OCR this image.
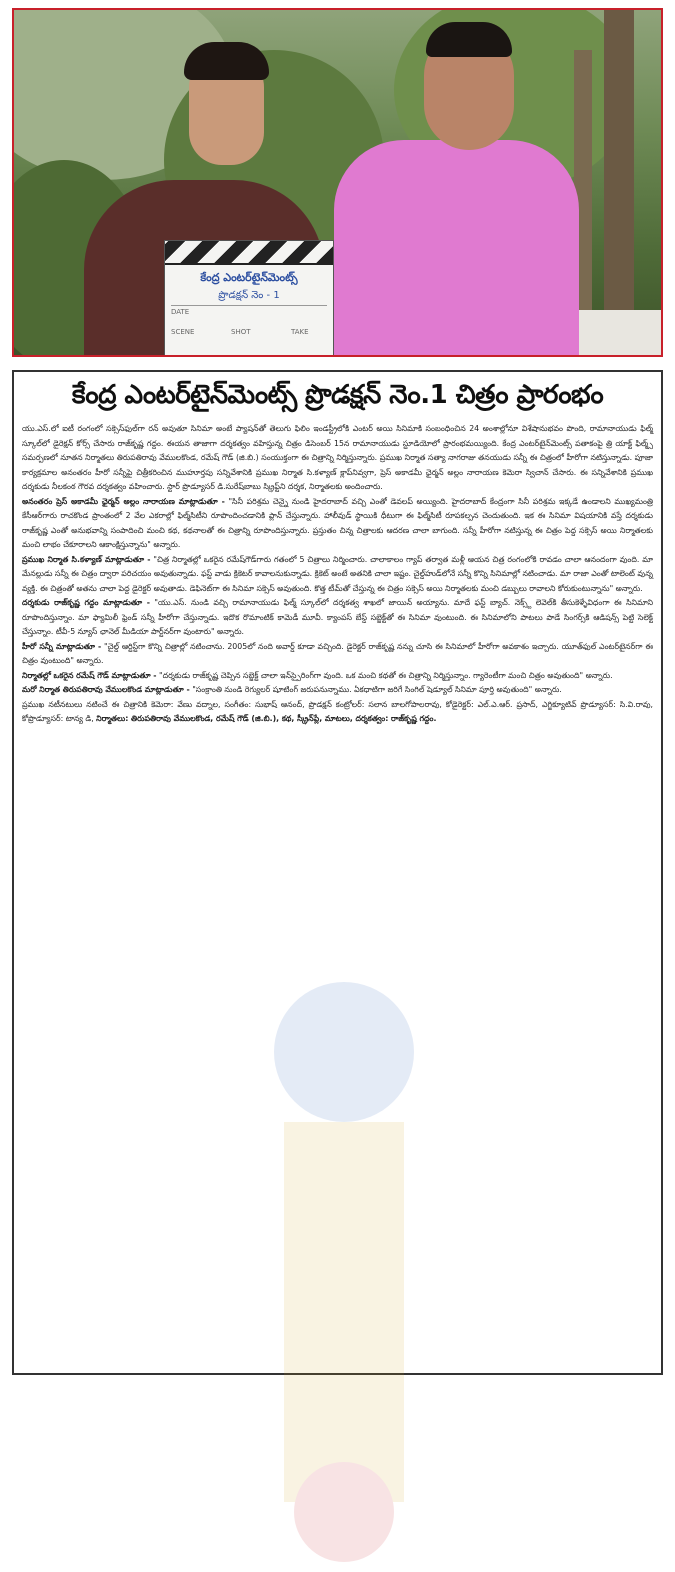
కేంద్ర ఎంటర్‌టైన్‌మెంట్స్
ప్రొడక్షన్ నెం - 1
DATE
SCENE	SHOT	TAKE
కేంద్ర ఎంటర్‌టైన్‌మెంట్స్ ప్రొడక్షన్ నెం.1 చిత్రం ప్రారంభం

యు.ఎస్.లో ఐటీ రంగంలో సక్సెస్‌ఫుల్‌గా రన్ అవుతూ సినిమా అంటే ప్యాషన్‌తో తెలుగు ఫిలిం ఇండస్ట్రీలోకి ఎంటర్ అయి సినిమాకి సంబంధించిన 24 అంశాల్లోనూ విశేషానుభవం పొంది, రామానాయుడు ఫిల్మ్ స్కూల్‌లో డైరెక్షన్ కోర్స్ చేసారు రాజ్‌కృష్ణ గద్దం. ఈయన తాజాగా దర్శకత్వం వహిస్తున్న చిత్రం డిసెంబర్ 15న రామానాయుడు స్టూడియోలో ప్రారంభమయ్యింది. కేంద్ర ఎంటర్‌టైన్‌మెంట్స్ పతాకంపై త్రి యాక్ట్ ఫిల్మ్స్ సమర్పణలో నూతన నిర్మాతలు తిరుపతిరావు వేములకొండ, రమేష్ గౌడ్ (జి.బి.) సంయుక్తంగా ఈ చిత్రాన్ని నిర్మిస్తున్నారు. ప్రముఖ నిర్మాత సత్యా నాగరాజు తనయుడు సన్నీ ఈ చిత్రంలో హీరోగా నటిస్తున్నాడు. పూజా కార్యక్రమాల అనంతరం హీరో సన్నీపై చిత్రీకరించిన ముహూర్తపు సన్నివేశానికి ప్రముఖ నిర్మాత సి.కళ్యాణ్ క్లాప్‌నివ్వగా, ప్రెస్ అకాడమీ ఛైర్మన్ అల్లం నారాయణ కెమెరా స్విచాన్ చేసారు. ఈ సన్నివేశానికి ప్రముఖ దర్శకుడు నీలకంఠ గౌరవ దర్శకత్వం వహించారు. స్టార్ ప్రొడ్యూసర్ డి.సురేష్‌బాబు స్క్రిప్ట్‌ని దర్శక, నిర్మాతలకు అందించారు.

అనంతరం ప్రెస్ అకాడమీ ఛైర్మన్ అల్లం నారాయణ మాట్లాడుతూ - "సినీ పరిశ్రమ చెన్నై నుండి హైదరాబాద్ వచ్చి ఎంతో డెవలప్ అయ్యింది. హైదరాబాద్ కేంద్రంగా సినీ పరిశ్రమ ఇక్కడే ఉండాలని ముఖ్యమంత్రి కేసీఆర్‌గారు రాచకొండ ప్రాంతంలో 2 వేల ఎకరాల్లో ఫిల్మ్‌సిటీని రూపొందించడానికి ప్లాన్ చేస్తున్నారు. హాలీవుడ్ స్థాయికి ధీటుగా ఈ ఫిల్మ్‌సిటీ రూపకల్పన చెందుతుంది. ఇక ఈ సినిమా విషయానికి వస్తే దర్శకుడు రాజ్‌కృష్ణ ఎంతో అనుభవాన్ని సంపాదించి మంచి కథ, కథనాలతో ఈ చిత్రాన్ని రూపొందిస్తున్నారు. ప్రస్తుతం చిన్న చిత్రాలకు ఆదరణ చాలా బాగుంది. సన్నీ హీరోగా నటిస్తున్న ఈ చిత్రం పెద్ద సక్సెస్ అయి నిర్మాతలకు మంచి లాభం చేకూరాలని ఆకాంక్షిస్తున్నాను" అన్నారు.

ప్రముఖ నిర్మాత సి.కళ్యాణ్ మాట్లాడుతూ - "చిత్ర నిర్మాతల్లో ఒకరైన రమేష్‌గౌడ్‌గారు గతంలో 5 చిత్రాలు నిర్మించారు. చాలాకాలం గ్యాప్ తర్వాత మళ్లీ ఆయన చిత్ర రంగంలోకి రావడం చాలా ఆనందంగా వుంది. మా మేనల్లుడు సన్నీ ఈ చిత్రం ద్వారా పరిచయం అవుతున్నాడు. ఫస్ట్ వాడు క్రికెటర్ కావాలనుకున్నాడు. క్రికెట్ అంటే అతనికి చాలా ఇష్టం. చైల్డ్‌హుడ్‌లోనే సన్నీ కొన్ని సినిమాల్లో నటించాడు. మా రాజా ఎంతో టాలెంట్ వున్న వ్యక్తి. ఈ చిత్రంతో అతను చాలా పెద్ద డైరెక్టర్ అవుతాడు. డెఫినెట్‌గా ఈ సినిమా సక్సెస్ అవుతుంది. కొత్త టీమ్‌తో చేస్తున్న ఈ చిత్రం సక్సెస్ అయి నిర్మాతలకు మంచి డబ్బులు రావాలని కోరుకుంటున్నాను" అన్నారు.

దర్శకుడు రాజ్‌కృష్ణ గద్దం మాట్లాడుతూ - "యు.ఎస్. నుండి వచ్చి రామానాయుడు ఫిల్మ్ స్కూల్‌లో దర్శకత్వ శాఖలో జాయిన్ అయ్యాను. మాదే ఫస్ట్ బ్యాచ్. నెక్స్ట్ లెవెల్‌కి తీసుకెళ్ళేవిధంగా ఈ సినిమాని రూపొందిస్తున్నాం. మా ఫ్యామిలీ ఫ్రెండ్ సన్నీ హీరోగా చేస్తున్నాడు. ఇదొక రొమాంటిక్ కామెడీ మూవీ. క్యాంపస్ బేస్డ్ సబ్జెక్ట్‌తో ఈ సినిమా వుంటుంది. ఈ సినిమాలోని పాటలు పాడే సింగర్స్‌కి ఆడిషన్స్ పెట్టి సెలెక్ట్ చేస్తున్నాం. టీవీ-5 న్యూస్ ఛానెల్ మీడియా పార్ట్‌నర్‌గా వుంటారు" అన్నారు.

హీరో సన్నీ మాట్లాడుతూ - "చైల్డ్ ఆర్టిస్ట్‌గా కొన్ని చిత్రాల్లో నటించాను. 2005లో నంది అవార్డ్ కూడా వచ్చింది. డైరెక్టర్ రాజ్‌కృష్ణ నన్ను చూసి ఈ సినిమాలో హీరోగా అవకాశం ఇచ్చారు. యూత్‌ఫుల్ ఎంటర్‌టైనర్‌గా ఈ చిత్రం వుంటుంది" అన్నారు.

నిర్మాతల్లో ఒకరైన రమేష్ గౌడ్ మాట్లాడుతూ - "దర్శకుడు రాజ్‌కృష్ణ చెప్పిన సబ్జెక్ట్ చాలా ఇన్‌స్పైరింగ్‌గా వుంది. ఒక మంచి కథతో ఈ చిత్రాన్ని నిర్మిస్తున్నాం. గ్యారెంటీగా మంచి చిత్రం అవుతుంది" అన్నారు.

మరో నిర్మాత తిరుపతిరావు వేములకొండ మాట్లాడుతూ - "సంక్రాంతి నుండి రెగ్యులర్ షూటింగ్ జరుపనున్నాము. ఏకధాటిగా జరిగే సింగిల్ షెడ్యూల్ సినిమా పూర్తి అవుతుంది" అన్నారు.

ప్రముఖ నటీనటులు నటించే ఈ చిత్రానికి కెమెరా: వేణు వద్నాల, సంగీతం: సుభాష్ ఆనంద్, ప్రొడక్షన్ కంట్రోలర్: సలాన బాలగోపాలరావు, కోడైరెక్టర్: ఎల్.ఎ.ఆర్. ప్రసాద్, ఎగ్జిక్యూటివ్ ప్రొడ్యూసర్: సి.వి.రావు, కోప్రొడ్యూసర్: టాన్య డి, నిర్మాతలు: తిరుపతిరావు వేములకొండ, రమేష్ గౌడ్ (జి.బి.), కథ, స్క్రీన్‌ప్లే, మాటలు, దర్శకత్వం: రాజ్‌కృష్ణ గద్దం.
